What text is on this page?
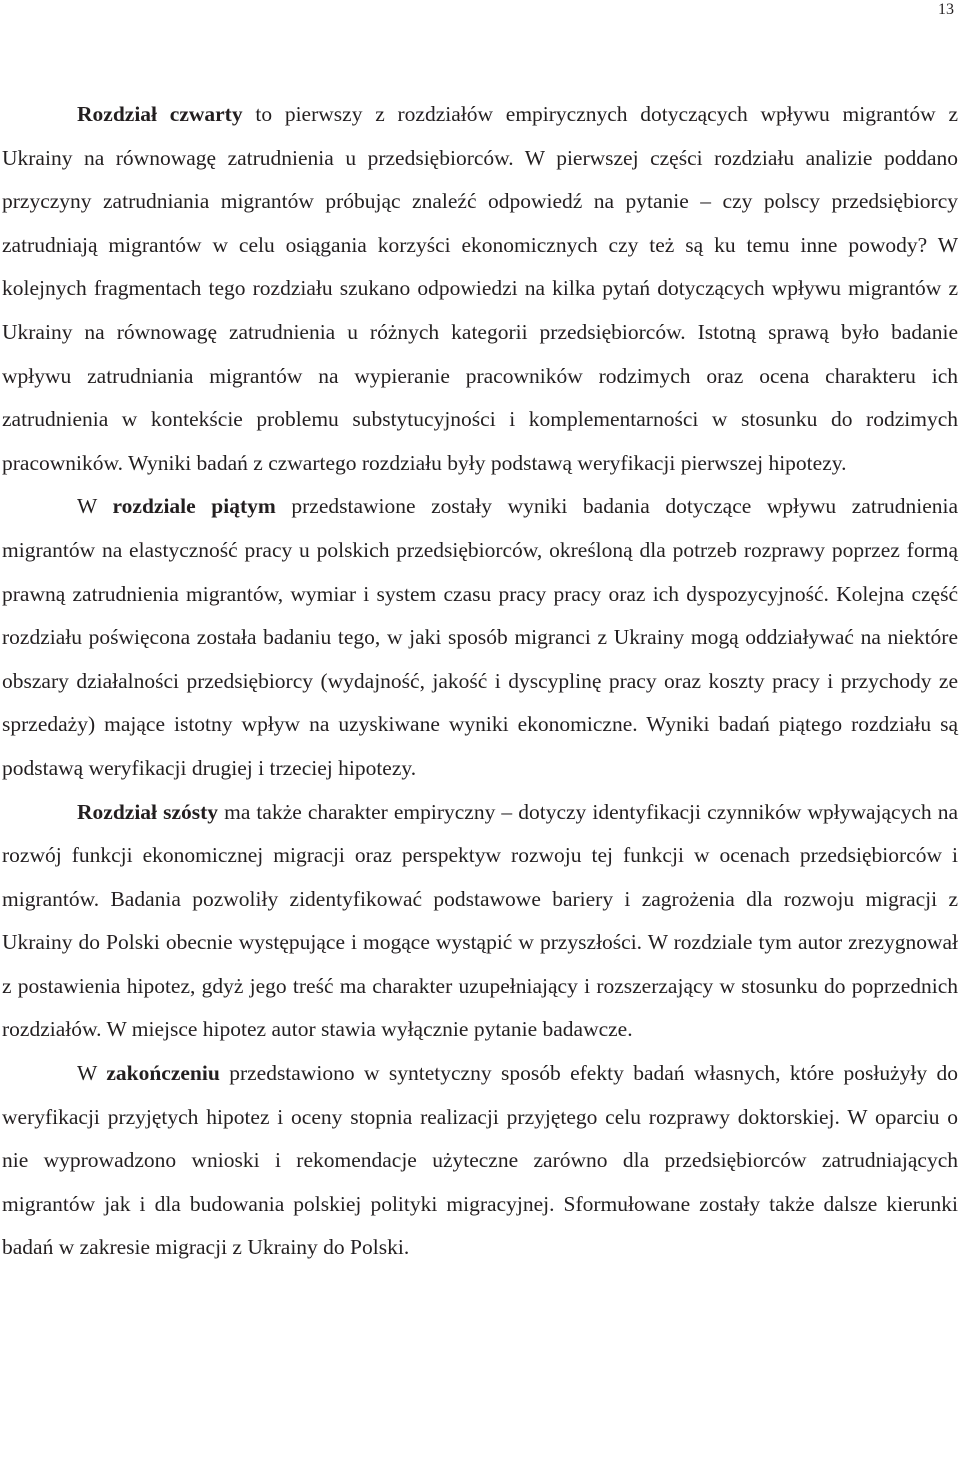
13

Rozdział czwarty to pierwszy z rozdziałów empirycznych dotyczących wpływu migrantów z Ukrainy na równowagę zatrudnienia u przedsiębiorców. W pierwszej części rozdziału analizie poddano przyczyny zatrudniania migrantów próbując znaleźć odpowiedź na pytanie – czy polscy przedsiębiorcy zatrudniają migrantów w celu osiągania korzyści ekonomicznych czy też są ku temu inne powody? W kolejnych fragmentach tego rozdziału szukano odpowiedzi na kilka pytań dotyczących wpływu migrantów z Ukrainy na równowagę zatrudnienia u różnych kategorii przedsiębiorców. Istotną sprawą było badanie wpływu zatrudniania migrantów na wypieranie pracowników rodzimych oraz ocena charakteru ich zatrudnienia w kontekście problemu substytucyjności i komplementarności w stosunku do rodzimych pracowników. Wyniki badań z czwartego rozdziału były podstawą weryfikacji pierwszej hipotezy.

W rozdziale piątym przedstawione zostały wyniki badania dotyczące wpływu zatrudnienia migrantów na elastyczność pracy u polskich przedsiębiorców, określoną dla potrzeb rozprawy poprzez formą prawną zatrudnienia migrantów, wymiar i system czasu pracy pracy oraz ich dyspozycyjność. Kolejna część rozdziału poświęcona została badaniu tego, w jaki sposób migranci z Ukrainy mogą oddziaływać na niektóre obszary działalności przedsiębiorcy (wydajność, jakość i dyscyplinę pracy oraz koszty pracy i przychody ze sprzedaży) mające istotny wpływ na uzyskiwane wyniki ekonomiczne. Wyniki badań piątego rozdziału są podstawą weryfikacji drugiej i trzeciej hipotezy.

Rozdział szósty ma także charakter empiryczny – dotyczy identyfikacji czynników wpływających na rozwój funkcji ekonomicznej migracji oraz perspektyw rozwoju tej funkcji w ocenach przedsiębiorców i migrantów. Badania pozwoliły zidentyfikować podstawowe bariery i zagrożenia dla rozwoju migracji z Ukrainy do Polski obecnie występujące i mogące wystąpić w przyszłości. W rozdziale tym autor zrezygnował z postawienia hipotez, gdyż jego treść ma charakter uzupełniający i rozszerzający w stosunku do poprzednich rozdziałów. W miejsce hipotez autor stawia wyłącznie pytanie badawcze.

W zakończeniu przedstawiono w syntetyczny sposób efekty badań własnych, które posłużyły do weryfikacji przyjętych hipotez i oceny stopnia realizacji przyjętego celu rozprawy doktorskiej. W oparciu o nie wyprowadzono wnioski i rekomendacje użyteczne zarówno dla przedsiębiorców zatrudniających migrantów jak i dla budowania polskiej polityki migracyjnej. Sformułowane zostały także dalsze kierunki badań w zakresie migracji z Ukrainy do Polski.
